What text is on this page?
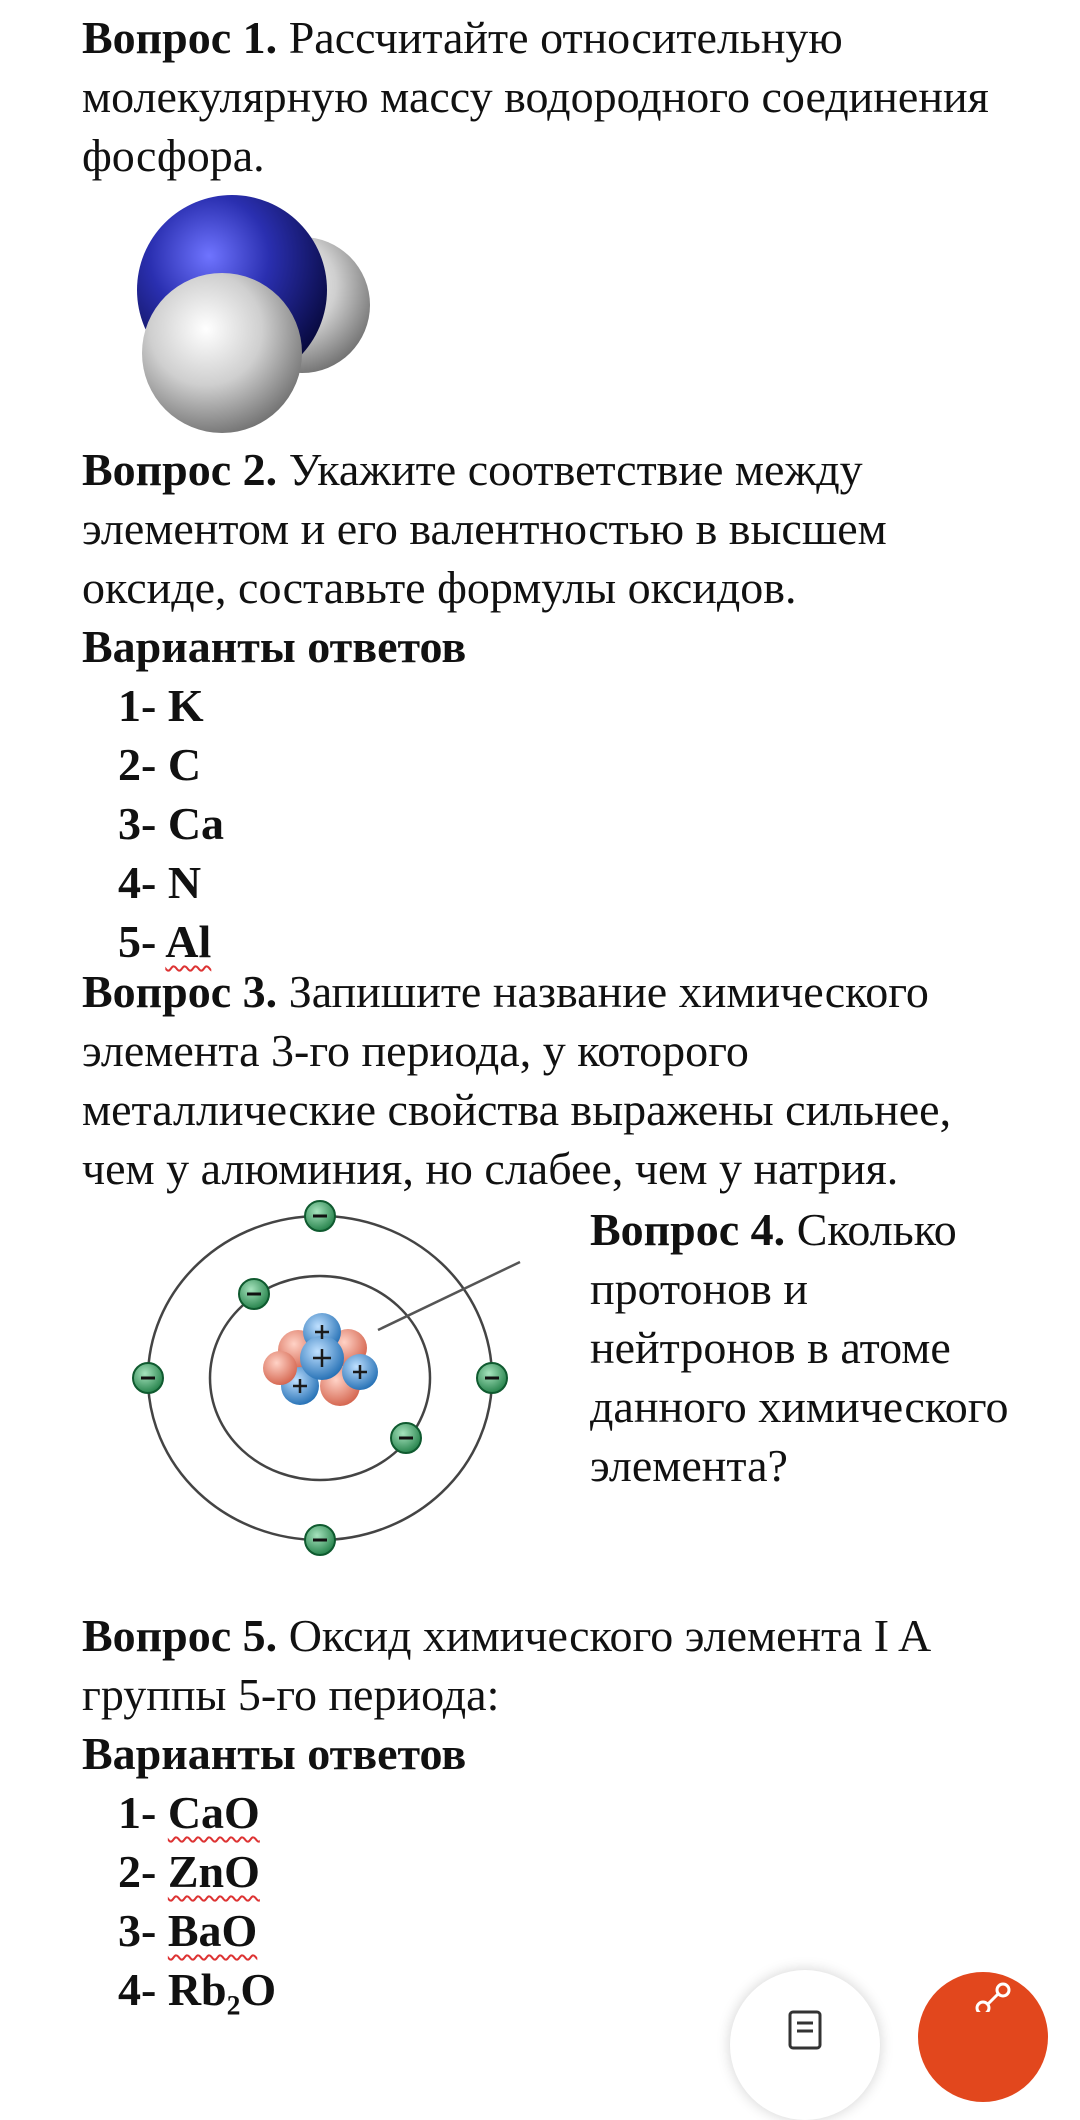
Вопрос 1. Рассчитайте относительную молекулярную массу водородного соединения фосфора.

Вопрос 2. Укажите соответствие между элементом и его валентностью в высшем оксиде, составьте формулы оксидов.

Варианты ответов

1- K

2- C

3- Ca

4- N

5- Al

Вопрос 3. Запишите название химического элемента 3-го периода, у которого металлические свойства выражены сильнее, чем у алюминия, но слабее, чем у натрия.

Вопрос 4. Сколько протонов и нейтронов в атоме данного химического элемента?

Вопрос 5. Оксид химического элемента I A группы 5-го периода:

Варианты ответов

1- CaO

2- ZnO

3- BaO

4- Rb₂O
